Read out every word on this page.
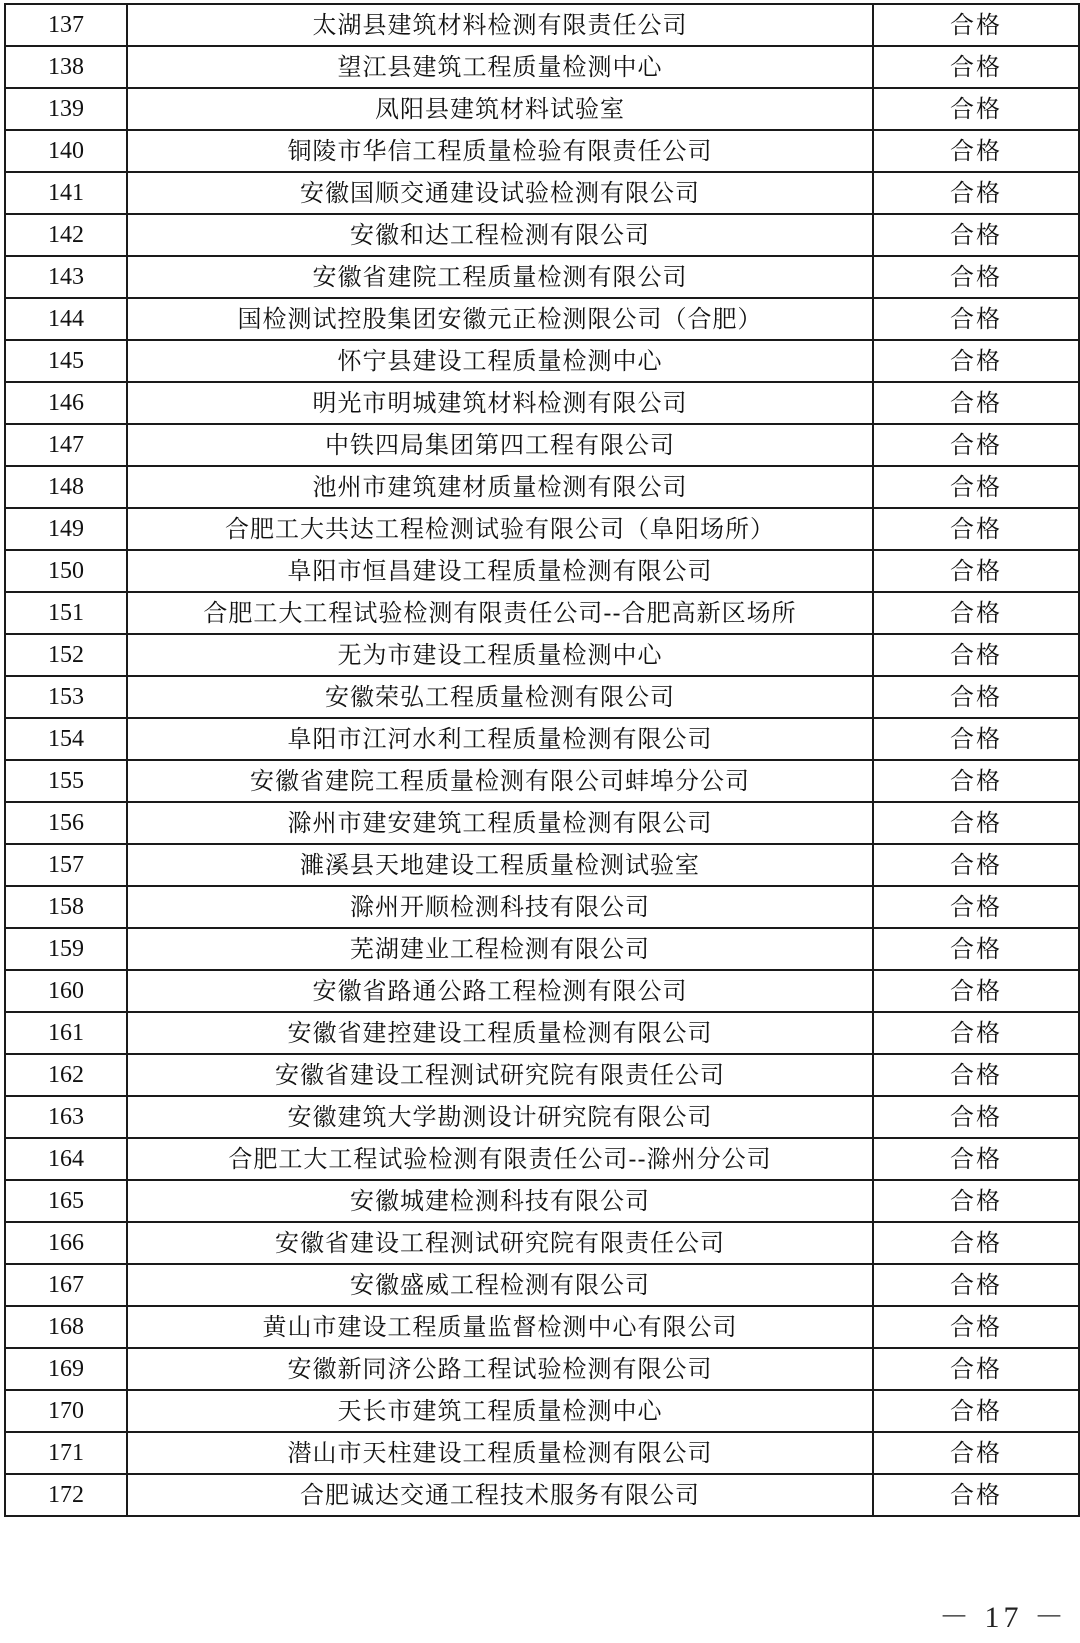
137	太湖县建筑材料检测有限责任公司	合格
138	望江县建筑工程质量检测中心	合格
139	凤阳县建筑材料试验室	合格
140	铜陵市华信工程质量检验有限责任公司	合格
141	安徽国顺交通建设试验检测有限公司	合格
142	安徽和达工程检测有限公司	合格
143	安徽省建院工程质量检测有限公司	合格
144	国检测试控股集团安徽元正检测限公司（合肥）	合格
145	怀宁县建设工程质量检测中心	合格
146	明光市明城建筑材料检测有限公司	合格
147	中铁四局集团第四工程有限公司	合格
148	池州市建筑建材质量检测有限公司	合格
149	合肥工大共达工程检测试验有限公司（阜阳场所）	合格
150	阜阳市恒昌建设工程质量检测有限公司	合格
151	合肥工大工程试验检测有限责任公司--合肥高新区场所	合格
152	无为市建设工程质量检测中心	合格
153	安徽荣弘工程质量检测有限公司	合格
154	阜阳市江河水利工程质量检测有限公司	合格
155	安徽省建院工程质量检测有限公司蚌埠分公司	合格
156	滁州市建安建筑工程质量检测有限公司	合格
157	濉溪县天地建设工程质量检测试验室	合格
158	滁州开顺检测科技有限公司	合格
159	芜湖建业工程检测有限公司	合格
160	安徽省路通公路工程检测有限公司	合格
161	安徽省建控建设工程质量检测有限公司	合格
162	安徽省建设工程测试研究院有限责任公司	合格
163	安徽建筑大学勘测设计研究院有限公司	合格
164	合肥工大工程试验检测有限责任公司--滁州分公司	合格
165	安徽城建检测科技有限公司	合格
166	安徽省建设工程测试研究院有限责任公司	合格
167	安徽盛威工程检测有限公司	合格
168	黄山市建设工程质量监督检测中心有限公司	合格
169	安徽新同济公路工程试验检测有限公司	合格
170	天长市建筑工程质量检测中心	合格
171	潜山市天柱建设工程质量检测有限公司	合格
172	合肥诚达交通工程技术服务有限公司	合格
－ 17 －
